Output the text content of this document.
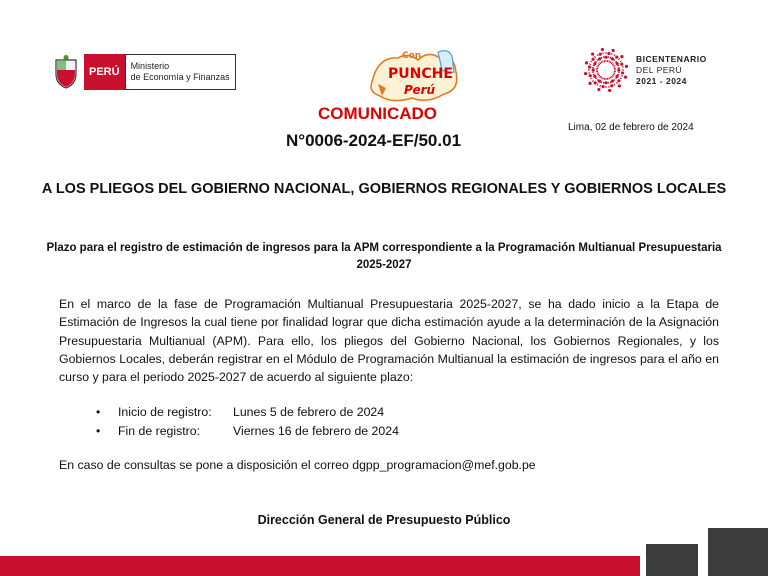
PERÚ	Ministerio
de Economía y Finanzas
Con
PUNCHE
Perú
BICENTENARIO
DEL PERÚ
2021 - 2024
COMUNICADO
N°0006-2024-EF/50.01
Lima, 02 de febrero de 2024
A LOS PLIEGOS DEL GOBIERNO NACIONAL, GOBIERNOS REGIONALES Y GOBIERNOS LOCALES
Plazo para el registro de estimación de ingresos para la APM correspondiente a la Programación Multianual Presupuestaria 2025-2027
En el marco de la fase de Programación Multianual Presupuestaria 2025-2027, se ha dado inicio a la Etapa de Estimación de Ingresos la cual tiene por finalidad lograr que dicha estimación ayude a la determinación de la Asignación Presupuestaria Multianual (APM). Para ello, los pliegos del Gobierno Nacional, los Gobiernos Regionales, y los Gobiernos Locales, deberán registrar en el Módulo de Programación Multianual la estimación de ingresos para el año en curso y para el periodo 2025-2027 de acuerdo al siguiente plazo:
• Inicio de registro: Lunes 5 de febrero de 2024
• Fin de registro:	Viernes 16 de febrero de 2024
En caso de consultas se pone a disposición el correo dgpp_programacion@mef.gob.pe
Dirección General de Presupuesto Público
